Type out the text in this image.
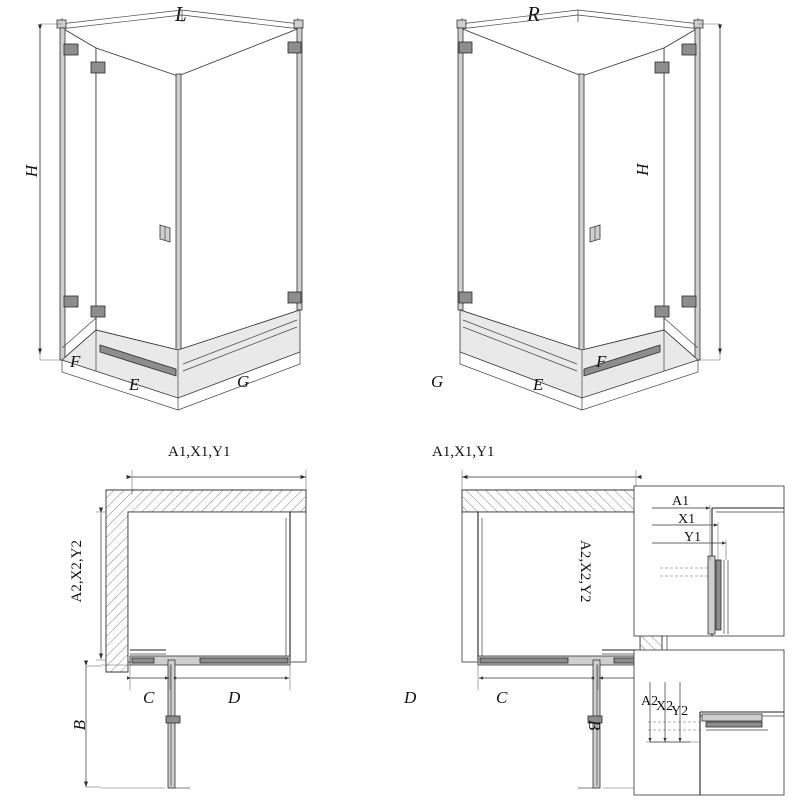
L	R
H
F
E	G
H
G	E
F
A1,X1,Y1
A2,X2,Y2
C	D
B
A1,X1,Y1
A2,X2,Y2
D	C
B
A1
X1
Y1
A2
X2
Y2
